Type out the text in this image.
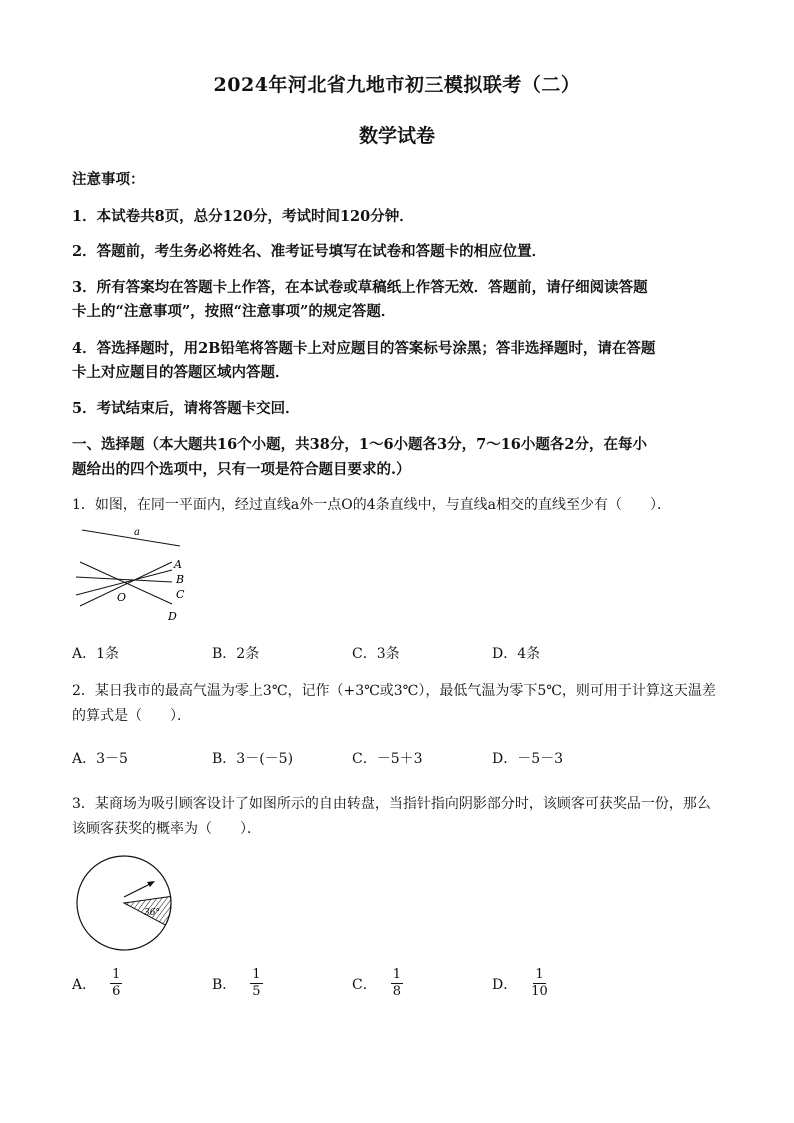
2024年河北省九地市初三模拟联考（二）
数学试卷
注意事项：
1．本试卷共8页，总分120分，考试时间120分钟．
2．答题前，考生务必将姓名、准考证号填写在试卷和答题卡的相应位置．
3．所有答案均在答题卡上作答，在本试卷或草稿纸上作答无效．答题前，请仔细阅读答题
卡上的“注意事项”，按照“注意事项”的规定答题．
4．答选择题时，用2B铅笔将答题卡上对应题目的答案标号涂黑；答非选择题时，请在答题
卡上对应题目的答题区域内答题．
5．考试结束后，请将答题卡交回．
一、选择题（本大题共16个小题，共38分，1～6小题各3分，7～16小题各2分，在每小
题给出的四个选项中，只有一项是符合题目要求的.）
1．如图，在同一平面内，经过直线a外一点O的4条直线中，与直线a相交的直线至少有（　　）．
a
A
B
C
D
O
A．1条	B．2条	C．3条	D．4条
2．某日我市的最高气温为零上3℃，记作（+3℃或3℃），最低气温为零下5℃，则可用于计算这天温差
的算式是（　　）．
A．3－5	B．3－(－5)	C．－5＋3	D．－5－3
3．某商场为吸引顾客设计了如图所示的自由转盘，当指针指向阴影部分时，该顾客可获奖品一份，那么
该顾客获奖的概率为（　　）．
36°
A． $\frac{1}{6}$	B． $\frac{1}{5}$	C． $\frac{1}{8}$	D． $\frac{1}{10}$
